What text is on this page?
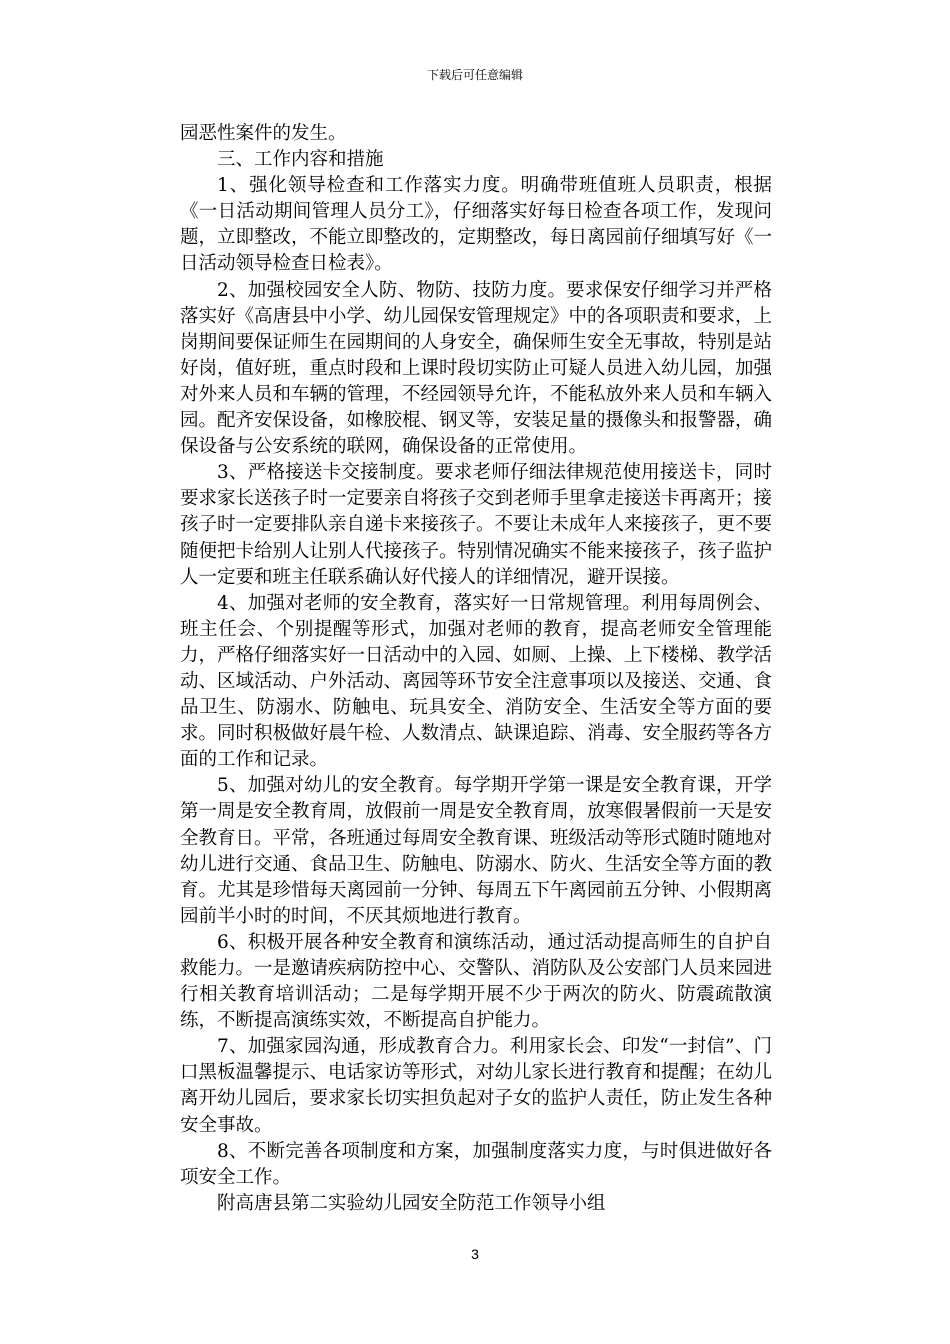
下载后可任意编辑

园恶性案件的发生。

三、工作内容和措施

1、强化领导检查和工作落实力度。明确带班值班人员职责，根据《一日活动期间管理人员分工》，仔细落实好每日检查各项工作，发现问题，立即整改，不能立即整改的，定期整改，每日离园前仔细填写好《一日活动领导检查日检表》。

2、加强校园安全人防、物防、技防力度。要求保安仔细学习并严格落实好《高唐县中小学、幼儿园保安管理规定》中的各项职责和要求，上岗期间要保证师生在园期间的人身安全，确保师生安全无事故，特别是站好岗，值好班，重点时段和上课时段切实防止可疑人员进入幼儿园，加强对外来人员和车辆的管理，不经园领导允许，不能私放外来人员和车辆入园。配齐安保设备，如橡胶棍、钢叉等，安装足量的摄像头和报警器，确保设备与公安系统的联网，确保设备的正常使用。

3、严格接送卡交接制度。要求老师仔细法律规范使用接送卡，同时要求家长送孩子时一定要亲自将孩子交到老师手里拿走接送卡再离开；接孩子时一定要排队亲自递卡来接孩子。不要让未成年人来接孩子，更不要随便把卡给别人让别人代接孩子。特别情况确实不能来接孩子，孩子监护人一定要和班主任联系确认好代接人的详细情况，避开误接。

4、加强对老师的安全教育，落实好一日常规管理。利用每周例会、班主任会、个别提醒等形式，加强对老师的教育，提高老师安全管理能力，严格仔细落实好一日活动中的入园、如厕、上操、上下楼梯、教学活动、区域活动、户外活动、离园等环节安全注意事项以及接送、交通、食品卫生、防溺水、防触电、玩具安全、消防安全、生活安全等方面的要求。同时积极做好晨午检、人数清点、缺课追踪、消毒、安全服药等各方面的工作和记录。

5、加强对幼儿的安全教育。每学期开学第一课是安全教育课，开学第一周是安全教育周，放假前一周是安全教育周，放寒假暑假前一天是安全教育日。平常，各班通过每周安全教育课、班级活动等形式随时随地对幼儿进行交通、食品卫生、防触电、防溺水、防火、生活安全等方面的教育。尤其是珍惜每天离园前一分钟、每周五下午离园前五分钟、小假期离园前半小时的时间，不厌其烦地进行教育。

6、积极开展各种安全教育和演练活动，通过活动提高师生的自护自救能力。一是邀请疾病防控中心、交警队、消防队及公安部门人员来园进行相关教育培训活动；二是每学期开展不少于两次的防火、防震疏散演练，不断提高演练实效，不断提高自护能力。

7、加强家园沟通，形成教育合力。利用家长会、印发“一封信”、门口黑板温馨提示、电话家访等形式，对幼儿家长进行教育和提醒；在幼儿离开幼儿园后，要求家长切实担负起对子女的监护人责任，防止发生各种安全事故。

8、不断完善各项制度和方案，加强制度落实力度，与时俱进做好各项安全工作。

附高唐县第二实验幼儿园安全防范工作领导小组

3
